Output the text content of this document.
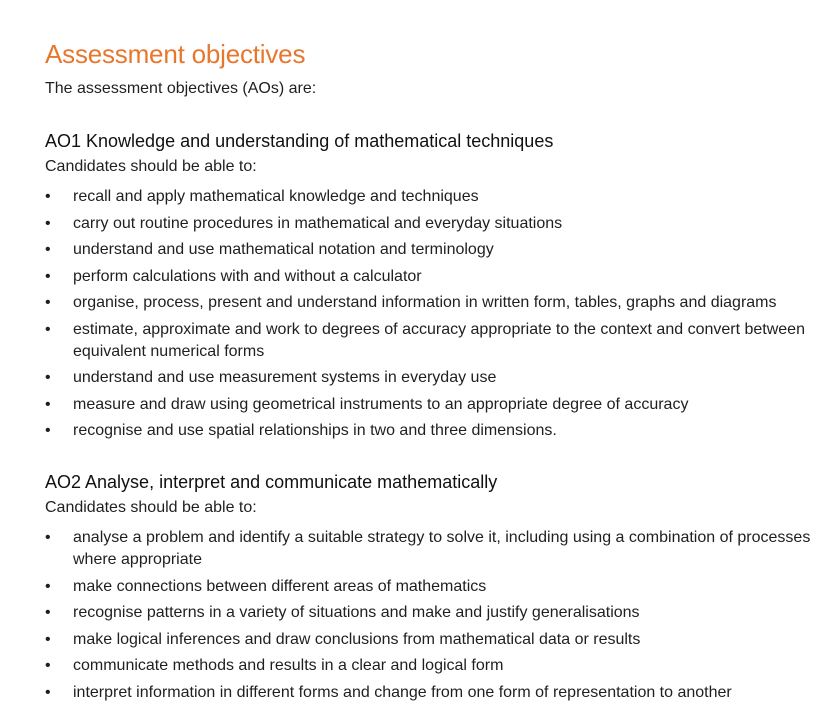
Assessment objectives

The assessment objectives (AOs) are:

AO1 Knowledge and understanding of mathematical techniques

Candidates should be able to:

• recall and apply mathematical knowledge and techniques
• carry out routine procedures in mathematical and everyday situations
• understand and use mathematical notation and terminology
• perform calculations with and without a calculator
• organise, process, present and understand information in written form, tables, graphs and diagrams
• estimate, approximate and work to degrees of accuracy appropriate to the context and convert between equivalent numerical forms
• understand and use measurement systems in everyday use
• measure and draw using geometrical instruments to an appropriate degree of accuracy
• recognise and use spatial relationships in two and three dimensions.
AO2 Analyse, interpret and communicate mathematically

Candidates should be able to:

• analyse a problem and identify a suitable strategy to solve it, including using a combination of processes where appropriate
• make connections between different areas of mathematics
• recognise patterns in a variety of situations and make and justify generalisations
• make logical inferences and draw conclusions from mathematical data or results
• communicate methods and results in a clear and logical form
• interpret information in different forms and change from one form of representation to another
